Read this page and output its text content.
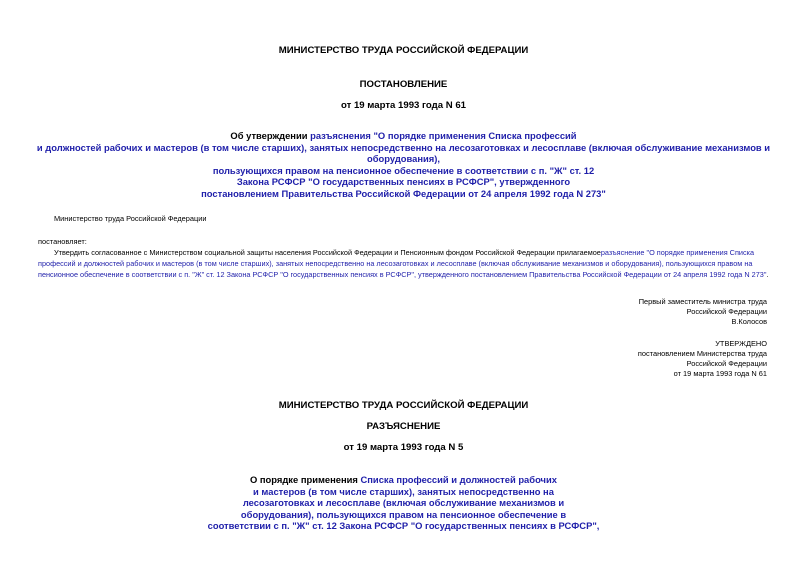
МИНИСТЕРСТВО ТРУДА РОССИЙСКОЙ ФЕДЕРАЦИИ
ПОСТАНОВЛЕНИЕ
от 19 марта 1993 года N 61
Об утверждении разъяснения "О порядке применения Списка профессий
и должностей рабочих и мастеров (в том числе старших), занятых непосредственно на лесозаготовках и лесосплаве (включая обслуживание механизмов и
оборудования),
пользующихся правом на пенсионное обеспечение в соответствии с п. "Ж" ст. 12
Закона РСФСР "О государственных пенсиях в РСФСР", утвержденного
постановлением Правительства Российской Федерации от 24 апреля 1992 года N 273"
Министерство труда Российской Федерации
постановляет:
Утвердить согласованное с Министерством социальной защиты населения Российской Федерации и Пенсионным фондом Российской Федерации прилагаемоеразъяснение "О порядке применения Списка
профессий и должностей рабочих и мастеров (в том числе старших), занятых непосредственно на лесозаготовках и лесосплаве (включая обслуживание механизмов и оборудования), пользующихся правом на
пенсионное обеспечение в соответствии с п. "Ж" ст. 12 Закона РСФСР "О государственных пенсиях в РСФСР", утвержденного постановлением Правительства Российской Федерации от 24 апреля 1992 года N 273".
Первый заместитель министра труда
Российской Федерации
В.Колосов
УТВЕРЖДЕНО
постановлением Министерства труда
Российской Федерации
от 19 марта 1993 года N 61
МИНИСТЕРСТВО ТРУДА РОССИЙСКОЙ ФЕДЕРАЦИИ
РАЗЪЯСНЕНИЕ
от 19 марта 1993 года N 5
О порядке применения Списка профессий и должностей рабочих
и мастеров (в том числе старших), занятых непосредственно на
лесозаготовках и лесосплаве (включая обслуживание механизмов и
оборудования), пользующихся правом на пенсионное обеспечение в
соответствии с п. "Ж" ст. 12 Закона РСФСР "О государственных пенсиях в РСФСР",
